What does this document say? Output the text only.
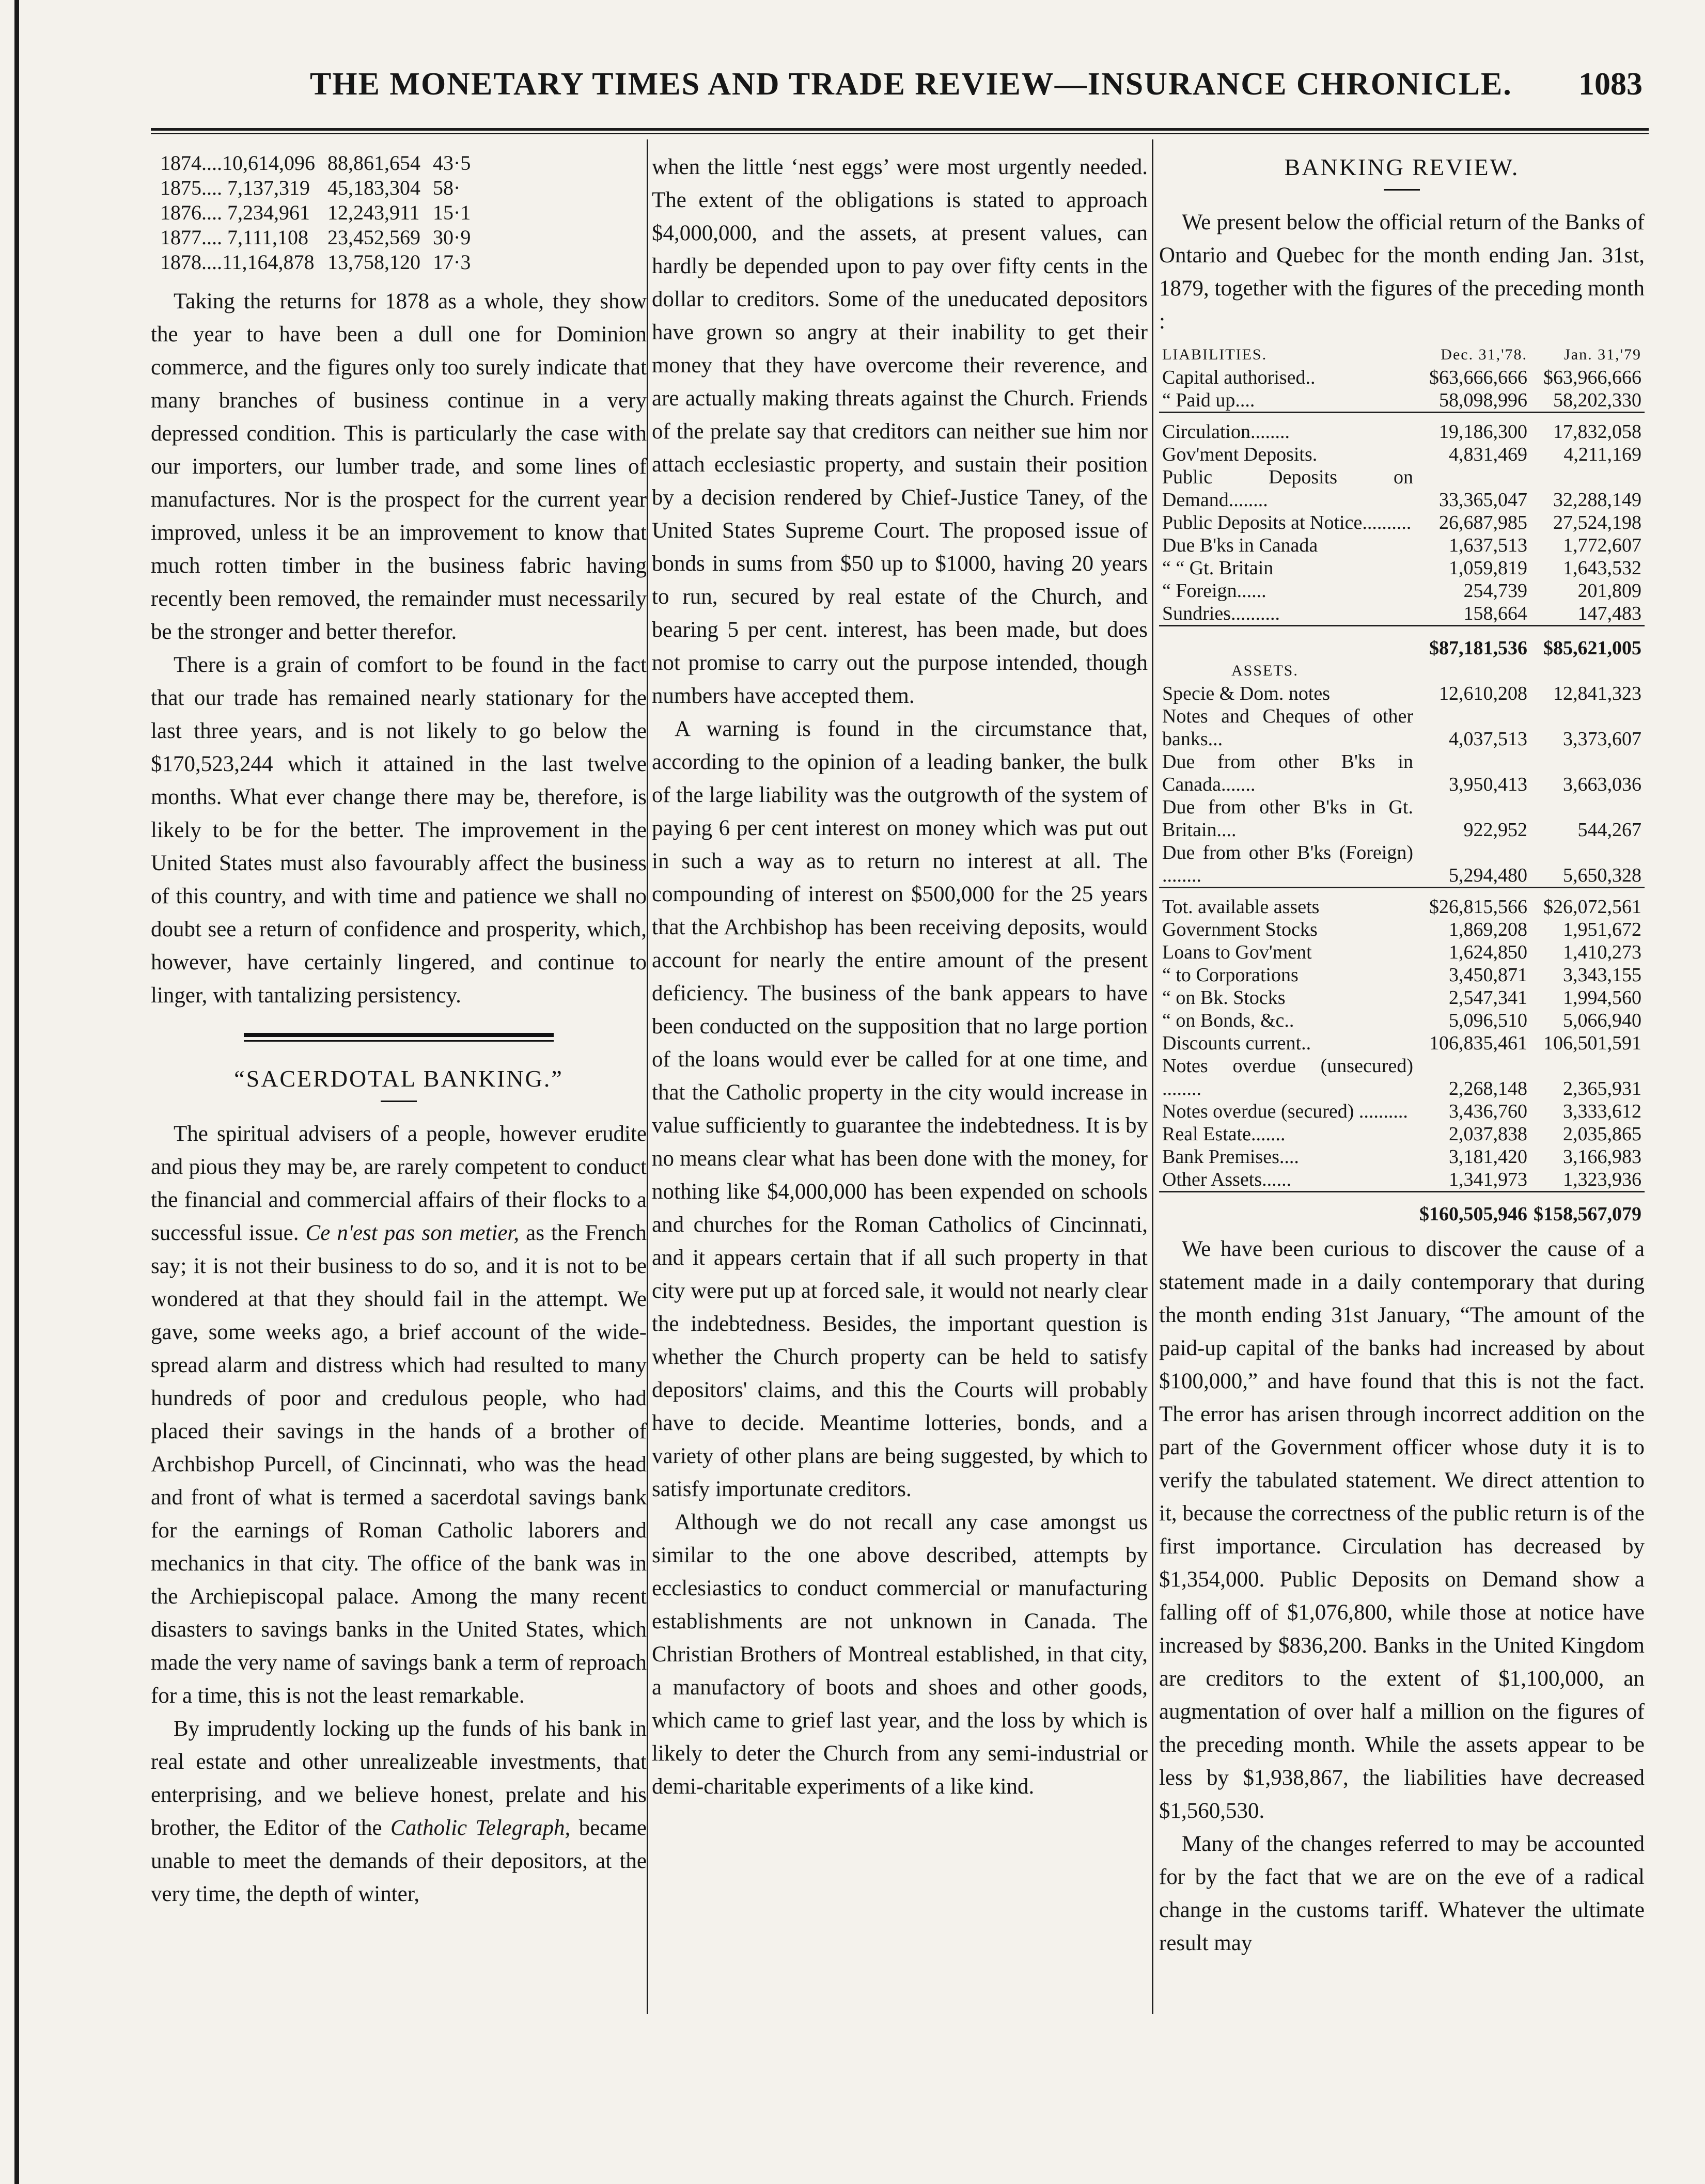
THE MONETARY TIMES AND TRADE REVIEW—INSURANCE CHRONICLE. 1083
1874....10,614,096	88,861,654	43·5
1875.... 7,137,319	45,183,304	58·
1876.... 7,234,961	12,243,911	15·1
1877.... 7,111,108	23,452,569	30·9
1878....11,164,878	13,758,120	17·3

Taking the returns for 1878 as a whole, they show the year to have been a dull one for Dominion commerce, and the figures only too surely indicate that many branches of business continue in a very depressed condition. This is particularly the case with our importers, our lumber trade, and some lines of manufactures. Nor is the prospect for the current year improved, unless it be an improvement to know that much rotten timber in the business fabric having recently been removed, the remainder must necessarily be the stronger and better therefor.

There is a grain of comfort to be found in the fact that our trade has remained nearly stationary for the last three years, and is not likely to go below the $170,523,244 which it attained in the last twelve months. What ever change there may be, therefore, is likely to be for the better. The improvement in the United States must also favourably affect the business of this country, and with time and patience we shall no doubt see a return of confidence and prosperity, which, however, have certainly lingered, and continue to linger, with tantalizing persistency.

“SACERDOTAL BANKING.”

The spiritual advisers of a people, however erudite and pious they may be, are rarely competent to conduct the financial and commercial affairs of their flocks to a successful issue. Ce n'est pas son metier, as the French say; it is not their business to do so, and it is not to be wondered at that they should fail in the attempt. We gave, some weeks ago, a brief account of the wide-spread alarm and distress which had resulted to many hundreds of poor and credulous people, who had placed their savings in the hands of a brother of Archbishop Purcell, of Cincinnati, who was the head and front of what is termed a sacerdotal savings bank for the earnings of Roman Catholic laborers and mechanics in that city. The office of the bank was in the Archiepiscopal palace. Among the many recent disasters to savings banks in the United States, which made the very name of savings bank a term of reproach for a time, this is not the least remarkable.

By imprudently locking up the funds of his bank in real estate and other unrealizeable investments, that enterprising, and we believe honest, prelate and his brother, the Editor of the Catholic Telegraph, became unable to meet the demands of their depositors, at the very time, the depth of winter,

when the little ‘nest eggs’ were most urgently needed. The extent of the obligations is stated to approach $4,000,000, and the assets, at present values, can hardly be depended upon to pay over fifty cents in the dollar to creditors. Some of the uneducated depositors have grown so angry at their inability to get their money that they have overcome their reverence, and are actually making threats against the Church. Friends of the prelate say that creditors can neither sue him nor attach ecclesiastic property, and sustain their position by a decision rendered by Chief-Justice Taney, of the United States Supreme Court. The proposed issue of bonds in sums from $50 up to $1000, having 20 years to run, secured by real estate of the Church, and bearing 5 per cent. interest, has been made, but does not promise to carry out the purpose intended, though numbers have accepted them.

A warning is found in the circumstance that, according to the opinion of a leading banker, the bulk of the large liability was the outgrowth of the system of paying 6 per cent interest on money which was put out in such a way as to return no interest at all. The compounding of interest on $500,000 for the 25 years that the Archbishop has been receiving deposits, would account for nearly the entire amount of the present deficiency. The business of the bank appears to have been conducted on the supposition that no large portion of the loans would ever be called for at one time, and that the Catholic property in the city would increase in value sufficiently to guarantee the indebtedness. It is by no means clear what has been done with the money, for nothing like $4,000,000 has been expended on schools and churches for the Roman Catholics of Cincinnati, and it appears certain that if all such property in that city were put up at forced sale, it would not nearly clear the indebtedness. Besides, the important question is whether the Church property can be held to satisfy depositors' claims, and this the Courts will probably have to decide. Meantime lotteries, bonds, and a variety of other plans are being suggested, by which to satisfy importunate creditors.

Although we do not recall any case amongst us similar to the one above described, attempts by ecclesiastics to conduct commercial or manufacturing establishments are not unknown in Canada. The Christian Brothers of Montreal established, in that city, a manufactory of boots and shoes and other goods, which came to grief last year, and the loss by which is likely to deter the Church from any semi-industrial or demi-charitable experiments of a like kind.

BANKING REVIEW.

We present below the official return of the Banks of Ontario and Quebec for the month ending Jan. 31st, 1879, together with the figures of the preceding month :

LIABILITIES.	Dec. 31,'78.	Jan. 31,'79
Capital authorised..	$63,666,666	$63,966,666
“ Paid up....	58,098,996	58,202,330

Circulation........	19,186,300	17,832,058
Gov'ment Deposits.	4,831,469	4,211,169
Public Deposits on Demand........	33,365,047	32,288,149
Public Deposits at Notice..........	26,687,985	27,524,198
Due B'ks in Canada	1,637,513	1,772,607
“ “ Gt. Britain	1,059,819	1,643,532
“ Foreign......	254,739	201,809
Sundries..........	158,664	147,483

	$87,181,536	$85,621,005
ASSETS.		
Specie & Dom. notes	12,610,208	12,841,323
Notes and Cheques of other banks...	4,037,513	3,373,607
Due from other B'ks in Canada.......	3,950,413	3,663,036
Due from other B'ks in Gt. Britain....	922,952	544,267
Due from other B'ks (Foreign) ........	5,294,480	5,650,328

Tot. available assets	$26,815,566	$26,072,561
Government Stocks	1,869,208	1,951,672
Loans to Gov'ment	1,624,850	1,410,273
“ to Corporations	3,450,871	3,343,155
“ on Bk. Stocks	2,547,341	1,994,560
“ on Bonds, &c..	5,096,510	5,066,940
Discounts current..	106,835,461	106,501,591
Notes overdue (unsecured) ........	2,268,148	2,365,931
Notes overdue (secured) ..........	3,436,760	3,333,612
Real Estate.......	2,037,838	2,035,865
Bank Premises....	3,181,420	3,166,983
Other Assets......	1,341,973	1,323,936

	$160,505,946	$158,567,079

We have been curious to discover the cause of a statement made in a daily contemporary that during the month ending 31st January, “The amount of the paid-up capital of the banks had increased by about $100,000,” and have found that this is not the fact. The error has arisen through incorrect addition on the part of the Government officer whose duty it is to verify the tabulated statement. We direct attention to it, because the correctness of the public return is of the first importance. Circulation has decreased by $1,354,000. Public Deposits on Demand show a falling off of $1,076,800, while those at notice have increased by $836,200. Banks in the United Kingdom are creditors to the extent of $1,100,000, an augmentation of over half a million on the figures of the preceding month. While the assets appear to be less by $1,938,867, the liabilities have decreased $1,560,530.

Many of the changes referred to may be accounted for by the fact that we are on the eve of a radical change in the customs tariff. Whatever the ultimate result may
